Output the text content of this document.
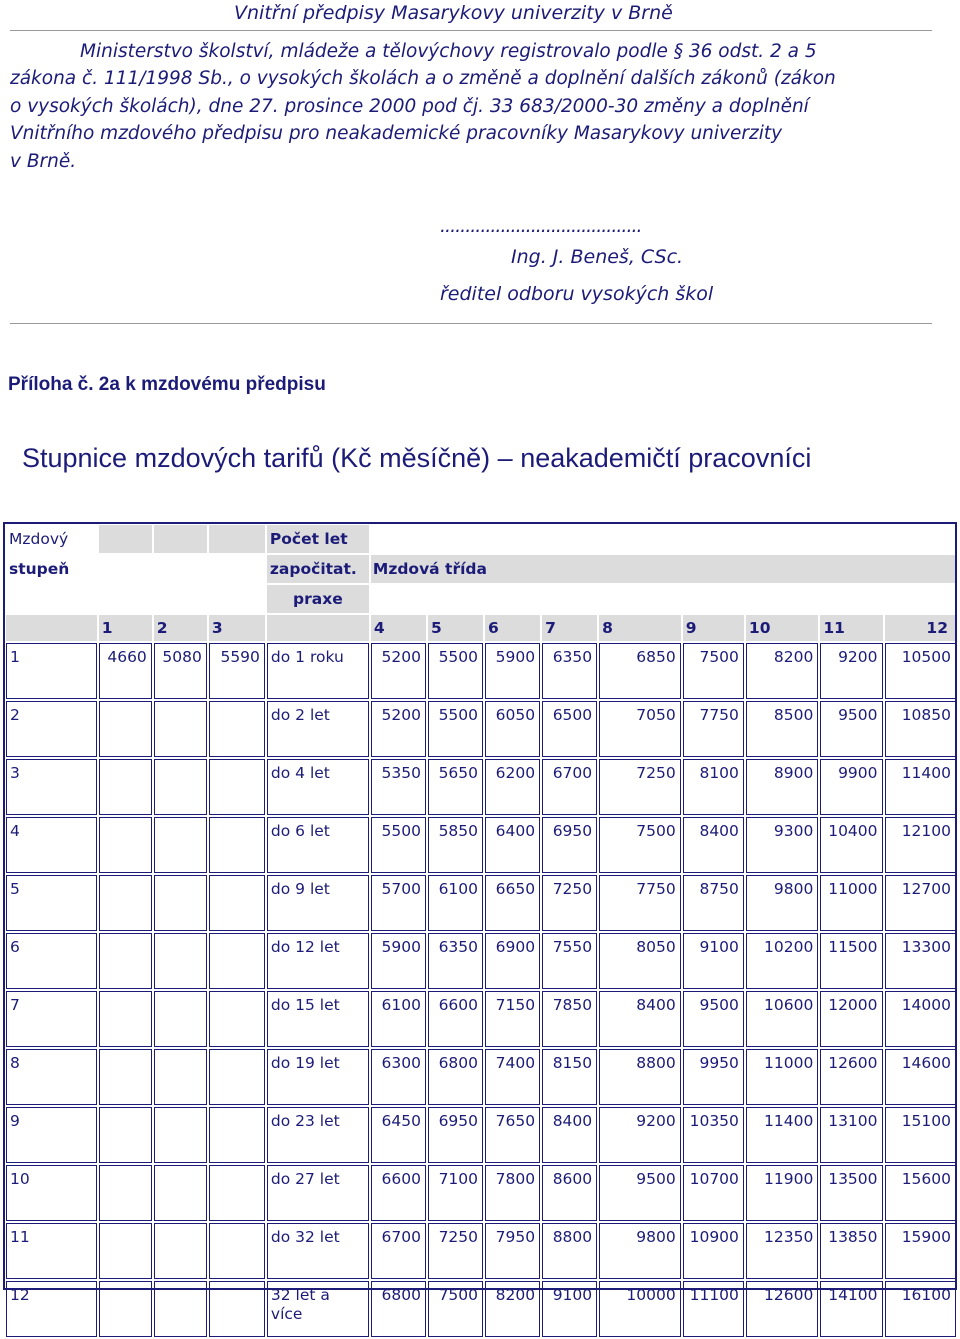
Vnitřní předpisy Masarykovy univerzity v Brně
Ministerstvo školství, mládeže a tělovýchovy registrovalo podle § 36 odst. 2 a 5
zákona č. 111/1998 Sb., o vysokých školách a o změně a doplnění dalších zákonů (zákon
o vysokých školách), dne 27. prosince 2000 pod čj. 33 683/2000-30 změny a doplnění
Vnitřního mzdového předpisu pro neakademické pracovníky Masarykovy univerzity
v Brně.
........................................
Ing. J. Beneš, CSc.
ředitel odboru vysokých škol
Příloha č. 2a k mzdovému předpisu
Stupnice mzdových tarifů (Kč měsíčně) – neakademičtí pracovníci
Mzdový				Počet let									
stupeň				započitat.	Mzdová třída								
				praxe									
	1	2	3		4	5	6	7	8	9	10	11	12
1	4660	5080	5590	do 1 roku	5200	5500	5900	6350	6850	7500	8200	9200	10500
2				do 2 let	5200	5500	6050	6500	7050	7750	8500	9500	10850
3				do 4 let	5350	5650	6200	6700	7250	8100	8900	9900	11400
4				do 6 let	5500	5850	6400	6950	7500	8400	9300	10400	12100
5				do 9 let	5700	6100	6650	7250	7750	8750	9800	11000	12700
6				do 12 let	5900	6350	6900	7550	8050	9100	10200	11500	13300
7				do 15 let	6100	6600	7150	7850	8400	9500	10600	12000	14000
8				do 19 let	6300	6800	7400	8150	8800	9950	11000	12600	14600
9				do 23 let	6450	6950	7650	8400	9200	10350	11400	13100	15100
10				do 27 let	6600	7100	7800	8600	9500	10700	11900	13500	15600
11				do 32 let	6700	7250	7950	8800	9800	10900	12350	13850	15900
12				32 let a více	6800	7500	8200	9100	10000	11100	12600	14100	16100
